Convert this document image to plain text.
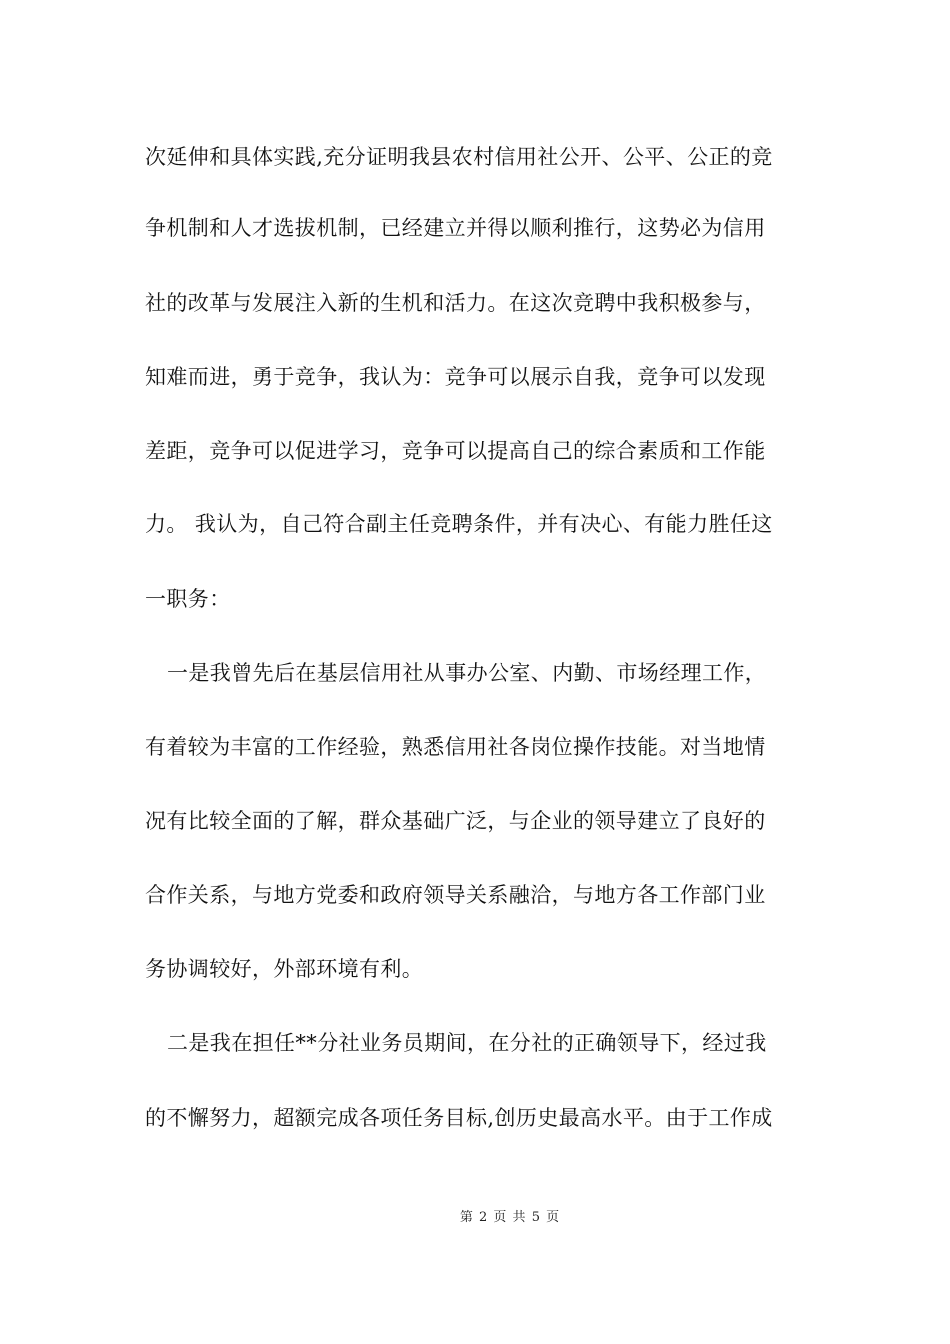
次延伸和具体实践,充分证明我县农村信用社公开、公平、公正的竞
争机制和人才选拔机制，已经建立并得以顺利推行，这势必为信用
社的改革与发展注入新的生机和活力。在这次竞聘中我积极参与，
知难而进，勇于竞争，我认为：竞争可以展示自我，竞争可以发现
差距，竞争可以促进学习，竞争可以提高自己的综合素质和工作能
力。 我认为，自己符合副主任竞聘条件，并有决心、有能力胜任这
一职务：
一是我曾先后在基层信用社从事办公室、内勤、市场经理工作，
有着较为丰富的工作经验，熟悉信用社各岗位操作技能。对当地情
况有比较全面的了解，群众基础广泛，与企业的领导建立了良好的
合作关系，与地方党委和政府领导关系融洽，与地方各工作部门业
务协调较好，外部环境有利。
二是我在担任**分社业务员期间，在分社的正确领导下，经过我
的不懈努力，超额完成各项任务目标,创历史最高水平。由于工作成
第 2 页 共 5 页
